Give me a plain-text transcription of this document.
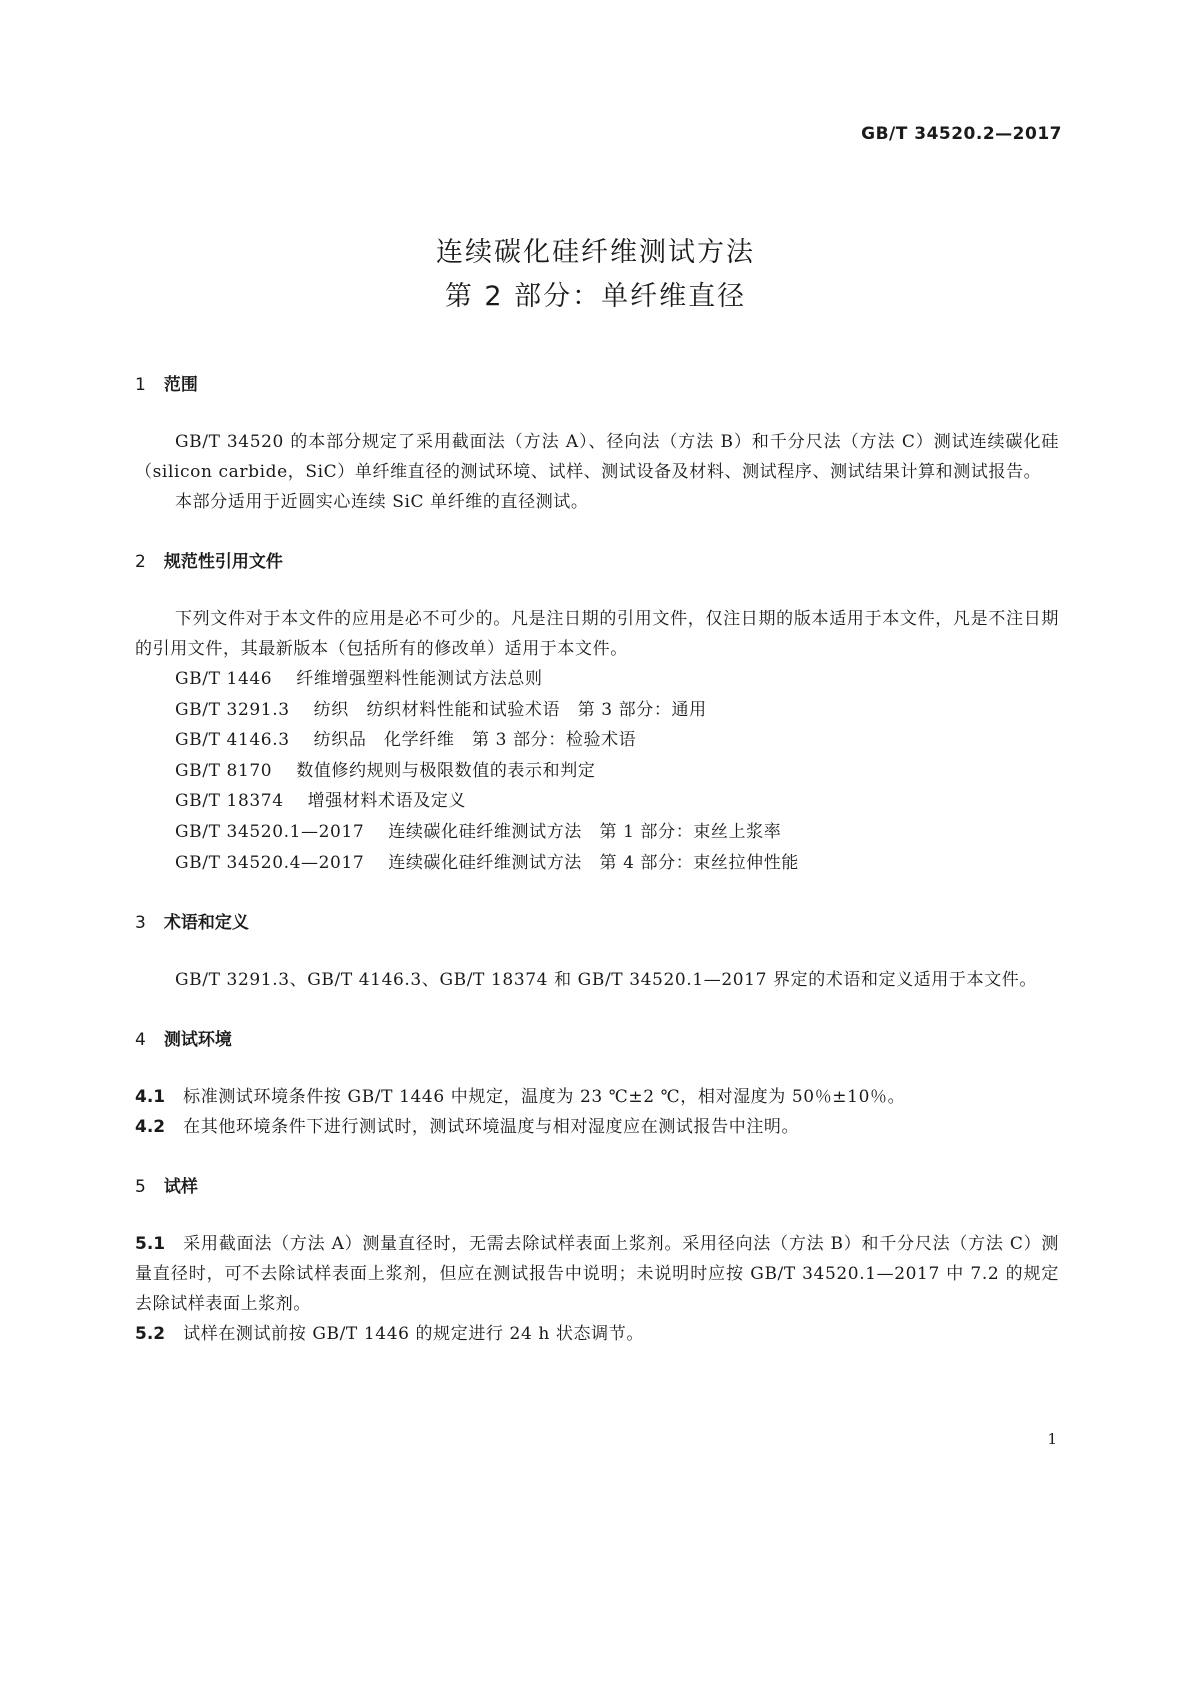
GB/T 34520.2—2017
连续碳化硅纤维测试方法
第 2 部分：单纤维直径
1 范围

GB/T 34520 的本部分规定了采用截面法（方法 A）、径向法（方法 B）和千分尺法（方法 C）测试连续碳化硅（silicon carbide，SiC）单纤维直径的测试环境、试样、测试设备及材料、测试程序、测试结果计算和测试报告。

本部分适用于近圆实心连续 SiC 单纤维的直径测试。

2 规范性引用文件

下列文件对于本文件的应用是必不可少的。凡是注日期的引用文件，仅注日期的版本适用于本文件，凡是不注日期的引用文件，其最新版本（包括所有的修改单）适用于本文件。

GB/T 1446 纤维增强塑料性能测试方法总则

GB/T 3291.3 纺织　纺织材料性能和试验术语　第 3 部分：通用

GB/T 4146.3 纺织品　化学纤维　第 3 部分：检验术语

GB/T 8170 数值修约规则与极限数值的表示和判定

GB/T 18374 增强材料术语及定义

GB/T 34520.1—2017 连续碳化硅纤维测试方法　第 1 部分：束丝上浆率

GB/T 34520.4—2017 连续碳化硅纤维测试方法　第 4 部分：束丝拉伸性能

3 术语和定义

GB/T 3291.3、GB/T 4146.3、GB/T 18374 和 GB/T 34520.1—2017 界定的术语和定义适用于本文件。

4 测试环境

4.1 标准测试环境条件按 GB/T 1446 中规定，温度为 23 ℃±2 ℃，相对湿度为 50％±10％。

4.2 在其他环境条件下进行测试时，测试环境温度与相对湿度应在测试报告中注明。

5 试样

5.1 采用截面法（方法 A）测量直径时，无需去除试样表面上浆剂。采用径向法（方法 B）和千分尺法（方法 C）测量直径时，可不去除试样表面上浆剂，但应在测试报告中说明；未说明时应按 GB/T 34520.1—2017 中 7.2 的规定去除试样表面上浆剂。

5.2 试样在测试前按 GB/T 1446 的规定进行 24 h 状态调节。

1
